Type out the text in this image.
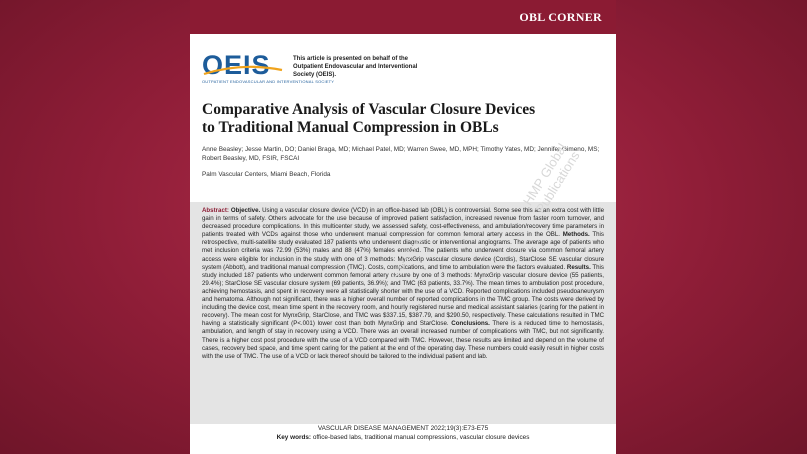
OBL CORNER
OEIS
OUTPATIENT ENDOVASCULAR AND INTERVENTIONAL SOCIETY
This article is presented on behalf of the Outpatient Endovascular and Interventional Society (OEIS).
Comparative Analysis of Vascular Closure Devices
to Traditional Manual Compression in OBLs
Anne Beasley; Jesse Martin, DO; Daniel Braga, MD; Michael Patel, MD; Warren Swee, MD, MPH; Timothy Yates, MD; Jennifer Gimeno, MS; Robert Beasley, MD, FSIR, FSCAI
Palm Vascular Centers, Miami Beach, Florida
Abstract: Objective. Using a vascular closure device (VCD) in an office-based lab (OBL) is controversial. Some see this as an extra cost with little gain in terms of safety. Others advocate for the use because of improved patient satisfaction, increased revenue from faster room turnover, and decreased procedure complications. In this multicenter study, we assessed safety, cost-effectiveness, and ambulation/recovery time parameters in patients treated with VCDs against those who underwent manual compression for common femoral artery access in the OBL. Methods. This retrospective, multi-satellite study evaluated 187 patients who underwent diagnostic or interventional angiograms. The average age of patients who met inclusion criteria was 72.99 (53%) males and 88 (47%) females enrolled. The patients who underwent closure via common femoral artery access were eligible for inclusion in the study with one of 3 methods: MynxGrip vascular closure device (Cordis), StarClose SE vascular closure system (Abbott), and traditional manual compression (TMC). Costs, complications, and time to ambulation were the factors evaluated. Results. This study included 187 patients who underwent common femoral artery closure by one of 3 methods: MynxGrip vascular closure device (55 patients, 29.4%); StarClose SE vascular closure system (69 patients, 36.9%); and TMC (63 patients, 33.7%). The mean times to ambulation post procedure, achieving hemostasis, and spent in recovery were all statistically shorter with the use of a VCD. Reported complications included pseudoaneurysm and hematoma. Although not significant, there was a higher overall number of reported complications in the TMC group. The costs were derived by including the device cost, mean time spent in the recovery room, and hourly registered nurse and medical assistant salaries (caring for the patient in recovery). The mean cost for MynxGrip, StarClose, and TMC was $337.15, $387.79, and $290.50, respectively. These calculations resulted in TMC having a statistically significant (P<.001) lower cost than both MynxGrip and StarClose. Conclusions. There is a reduced time to hemostasis, ambulation, and length of stay in recovery using a VCD. There was an overall increased number of complications with TMC, but not significantly. There is a higher cost post procedure with the use of a VCD compared with TMC. However, these results are limited and depend on the volume of cases, recovery bed space, and time spent caring for the patient at the end of the operating day. These numbers could easily result in higher costs with the use of TMC. The use of a VCD or lack thereof should be tailored to the individual patient and lab.
HMP Global Publications
HMP Global
VASCULAR DISEASE MANAGEMENT 2022;19(3):E73-E75
Key words: office-based labs, traditional manual compressions, vascular closure devices
